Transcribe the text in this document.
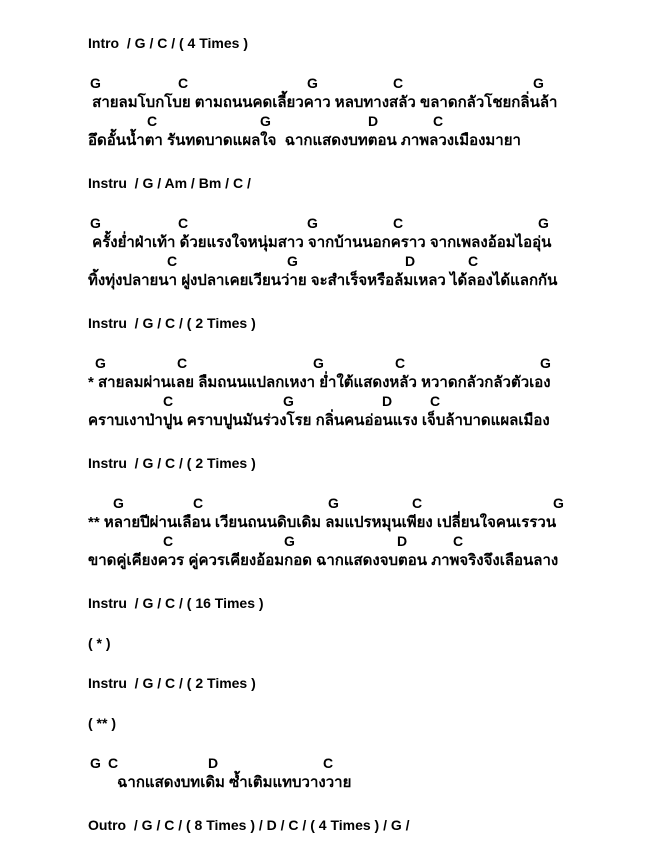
Intro  / G / C / ( 4 Times )
G	C	G	C	G
สายลมโบกโบย ตามถนนคดเลี้ยวคาว หลบทางสลัว ขลาดกลัวโชยกลิ่นล้า
C	G	D	C
อึดอั้นน้ำตา รันทดบาดแผลใจ  ฉากแสดงบทตอน ภาพลวงเมืองมายา
Instru  / G / Am / Bm / C /
G	C	G	C	G
ครั้งย่ำฝ่าเท้า ด้วยแรงใจหนุ่มสาว จากบ้านนอกคราว จากเพลงอ้อมไออุ่น
C	G	D	C
ทิ้งทุ่งปลายนา ฝูงปลาเคยเวียนว่าย จะสำเร็จหรือล้มเหลว ได้ลองได้แลกกัน
Instru  / G / C / ( 2 Times )
G	C	G	C	G
* สายลมผ่านเลย ลืมถนนแปลกเหงา ย่ำใต้แสดงหลัว หวาดกลัวกลัวตัวเอง
C	G	D	C
คราบเงาป่าปูน คราบปูนมันร่วงโรย กลิ่นคนอ่อนแรง เจ็บล้าบาดแผลเมือง
Instru  / G / C / ( 2 Times )
G	C	G	C	G
** หลายปีผ่านเลือน เวียนถนนดิบเดิม ลมแปรหมุนเพียง เปลี่ยนใจคนเรรวน
C	G	D	C
ขาดคู่เคียงควร คู่ควรเคียงอ้อมกอด ฉากแสดงจบตอน ภาพจริงจึงเลือนลาง
Instru  / G / C / ( 16 Times )
( * )
Instru  / G / C / ( 2 Times )
( ** )
G C	D	C
ฉากแสดงบทเดิม ซ้ำเติมแทบวางวาย
Outro  / G / C / ( 8 Times ) / D / C / ( 4 Times ) / G /
